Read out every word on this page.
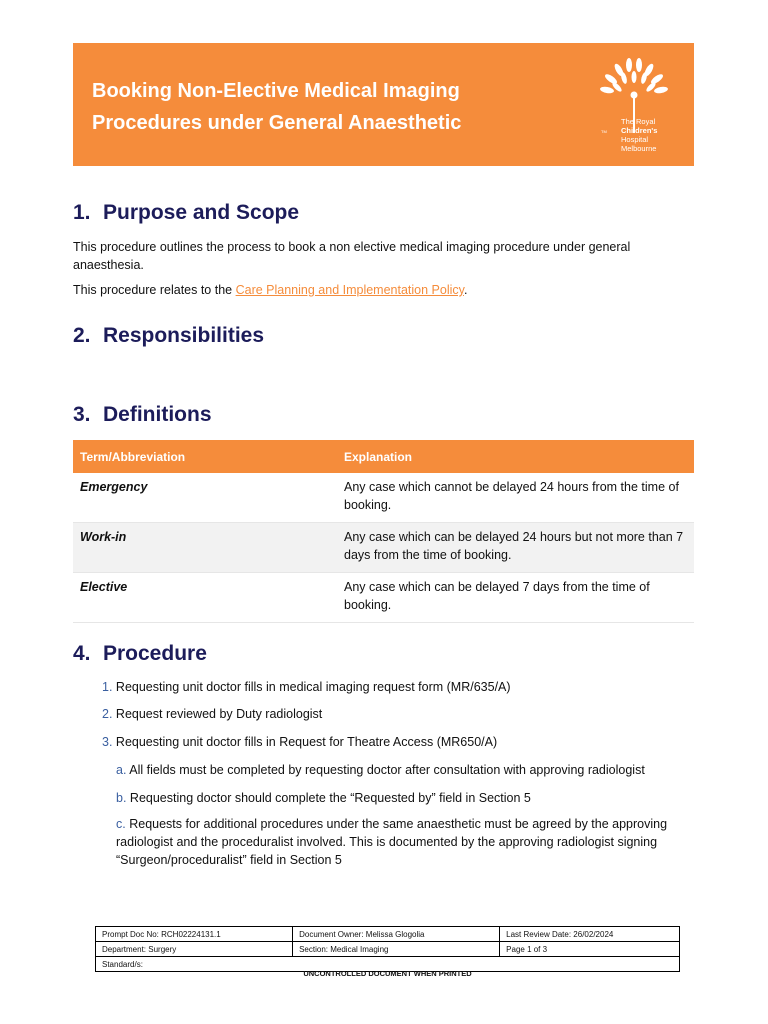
Booking Non-Elective Medical Imaging
Procedures under General Anaesthetic	TM
The Royal
Children's
Hospital
Melbourne
1. Purpose and Scope

This procedure outlines the process to book a non elective medical imaging procedure under general anaesthesia.

This procedure relates to the Care Planning and Implementation Policy.

2. Responsibilities
3. Definitions
Term/Abbreviation	Explanation
Emergency	Any case which cannot be delayed 24 hours from the time of booking.
Work-in	Any case which can be delayed 24 hours but not more than 7 days from the time of booking.
Elective	Any case which can be delayed 7 days from the time of booking.
4. Procedure
1. Requesting unit doctor fills in medical imaging request form (MR/635/A)
2. Request reviewed by Duty radiologist
3. Requesting unit doctor fills in Request for Theatre Access (MR650/A)
a. All fields must be completed by requesting doctor after consultation with approving radiologist
b. Requesting doctor should complete the “Requested by” field in Section 5
c. Requests for additional procedures under the same anaesthetic must be agreed by the approving radiologist and the proceduralist involved. This is documented by the approving radiologist signing “Surgeon/proceduralist” field in Section 5
Prompt Doc No: RCH02224131.1	Document Owner: Melissa Glogolia	Last Review Date: 26/02/2024
Department: Surgery	Section: Medical Imaging	Page 1 of 3
Standard/s:		
UNCONTROLLED DOCUMENT WHEN PRINTED
